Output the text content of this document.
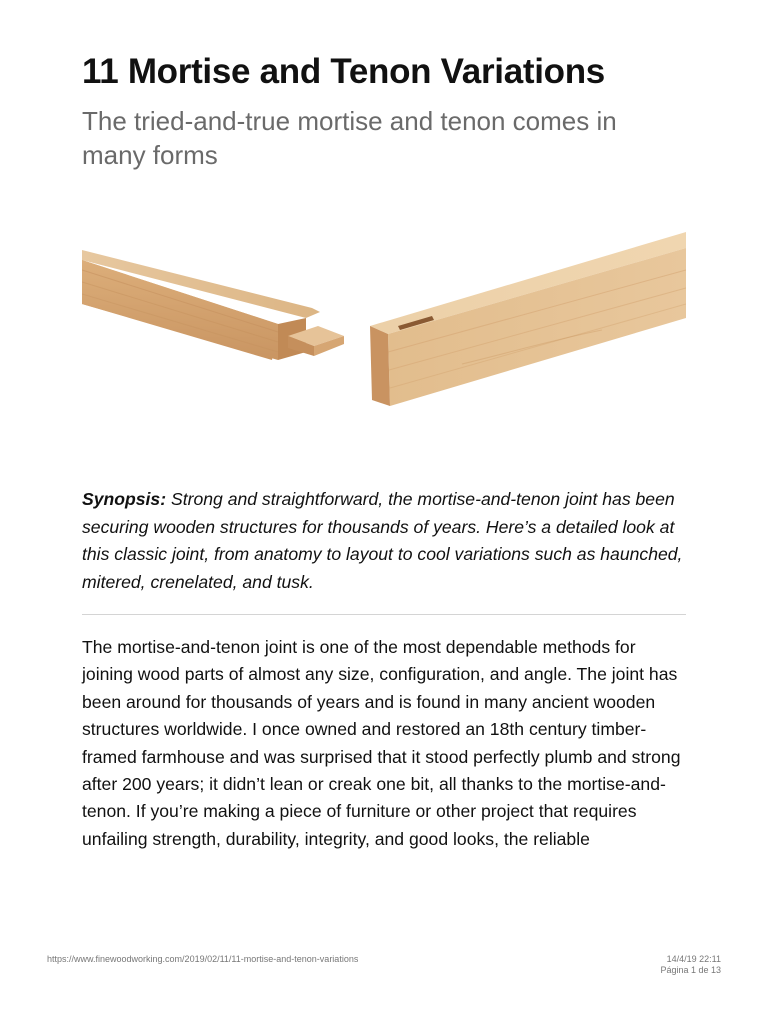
11 Mortise and Tenon Variations
The tried-and-true mortise and tenon comes in many forms

Synopsis: Strong and straightforward, the mortise-and-tenon joint has been securing wooden structures for thousands of years. Here’s a detailed look at this classic joint, from anatomy to layout to cool variations such as haunched, mitered, crenelated, and tusk.

The mortise-and-tenon joint is one of the most dependable methods for joining wood parts of almost any size, configuration, and angle. The joint has been around for thousands of years and is found in many ancient wooden structures worldwide. I once owned and restored an 18th century timber-framed farmhouse and was surprised that it stood perfectly plumb and strong after 200 years; it didn’t lean or creak one bit, all thanks to the mortise-and- tenon. If you’re making a piece of furniture or other project that requires unfailing strength, durability, integrity, and good looks, the reliable

https://www.finewoodworking.com/2019/02/11/11-mortise-and-tenon-variations	14/4/19 22:11
Página 1 de 13
